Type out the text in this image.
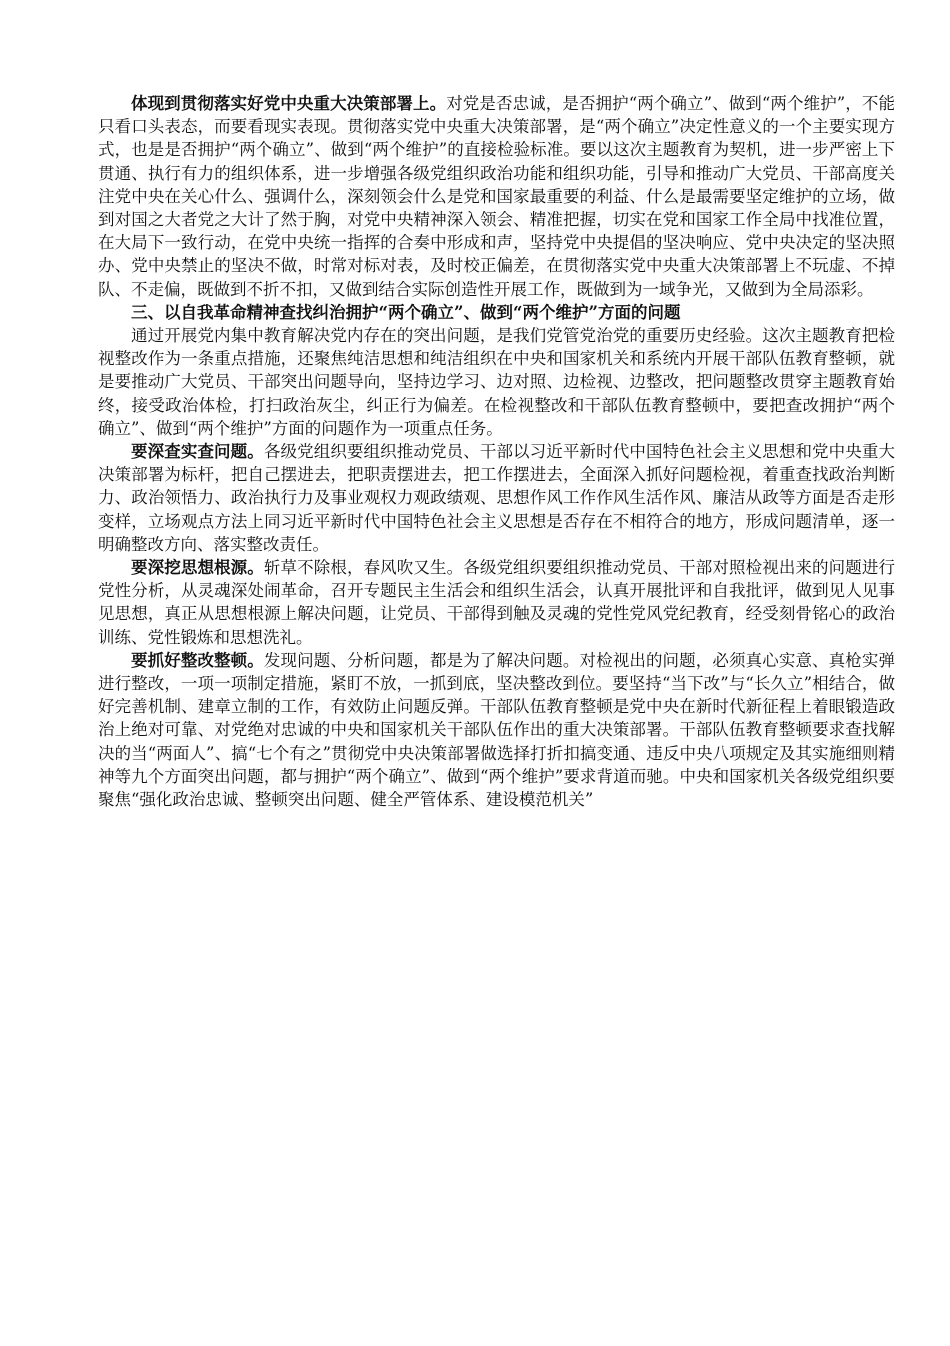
体现到贯彻落实好党中央重大决策部署上。对党是否忠诚，是否拥护“两个确立”、做到“两个维护”，不能只看口头表态，而要看现实表现。贯彻落实党中央重大决策部署，是“两个确立”决定性意义的一个主要实现方式，也是是否拥护“两个确立”、做到“两个维护”的直接检验标准。要以这次主题教育为契机，进一步严密上下贯通、执行有力的组织体系，进一步增强各级党组织政治功能和组织功能，引导和推动广大党员、干部高度关注党中央在关心什么、强调什么，深刻领会什么是党和国家最重要的利益、什么是最需要坚定维护的立场，做到对国之大者党之大计了然于胸，对党中央精神深入领会、精准把握，切实在党和国家工作全局中找准位置，在大局下一致行动，在党中央统一指挥的合奏中形成和声，坚持党中央提倡的坚决响应、党中央决定的坚决照办、党中央禁止的坚决不做，时常对标对表，及时校正偏差，在贯彻落实党中央重大决策部署上不玩虚、不掉队、不走偏，既做到不折不扣，又做到结合实际创造性开展工作，既做到为一域争光，又做到为全局添彩。

三、以自我革命精神查找纠治拥护“两个确立”、做到“两个维护”方面的问题

通过开展党内集中教育解决党内存在的突出问题，是我们党管党治党的重要历史经验。这次主题教育把检视整改作为一条重点措施，还聚焦纯洁思想和纯洁组织在中央和国家机关和系统内开展干部队伍教育整顿，就是要推动广大党员、干部突出问题导向，坚持边学习、边对照、边检视、边整改，把问题整改贯穿主题教育始终，接受政治体检，打扫政治灰尘，纠正行为偏差。在检视整改和干部队伍教育整顿中，要把查改拥护“两个确立”、做到“两个维护”方面的问题作为一项重点任务。

要深查实查问题。各级党组织要组织推动党员、干部以习近平新时代中国特色社会主义思想和党中央重大决策部署为标杆，把自己摆进去，把职责摆进去，把工作摆进去，全面深入抓好问题检视，着重查找政治判断力、政治领悟力、政治执行力及事业观权力观政绩观、思想作风工作作风生活作风、廉洁从政等方面是否走形变样，立场观点方法上同习近平新时代中国特色社会主义思想是否存在不相符合的地方，形成问题清单，逐一明确整改方向、落实整改责任。

要深挖思想根源。斩草不除根，春风吹又生。各级党组织要组织推动党员、干部对照检视出来的问题进行党性分析，从灵魂深处闹革命，召开专题民主生活会和组织生活会，认真开展批评和自我批评，做到见人见事见思想，真正从思想根源上解决问题，让党员、干部得到触及灵魂的党性党风党纪教育，经受刻骨铭心的政治训练、党性锻炼和思想洗礼。

要抓好整改整顿。发现问题、分析问题，都是为了解决问题。对检视出的问题，必须真心实意、真枪实弹进行整改，一项一项制定措施，紧盯不放，一抓到底，坚决整改到位。要坚持“当下改”与“长久立”相结合，做好完善机制、建章立制的工作，有效防止问题反弹。干部队伍教育整顿是党中央在新时代新征程上着眼锻造政治上绝对可靠、对党绝对忠诚的中央和国家机关干部队伍作出的重大决策部署。干部队伍教育整顿要求查找解决的当“两面人”、搞“七个有之”贯彻党中央决策部署做选择打折扣搞变通、违反中央八项规定及其实施细则精神等九个方面突出问题，都与拥护“两个确立”、做到“两个维护”要求背道而驰。中央和国家机关各级党组织要聚焦“强化政治忠诚、整顿突出问题、健全严管体系、建设模范机关”
